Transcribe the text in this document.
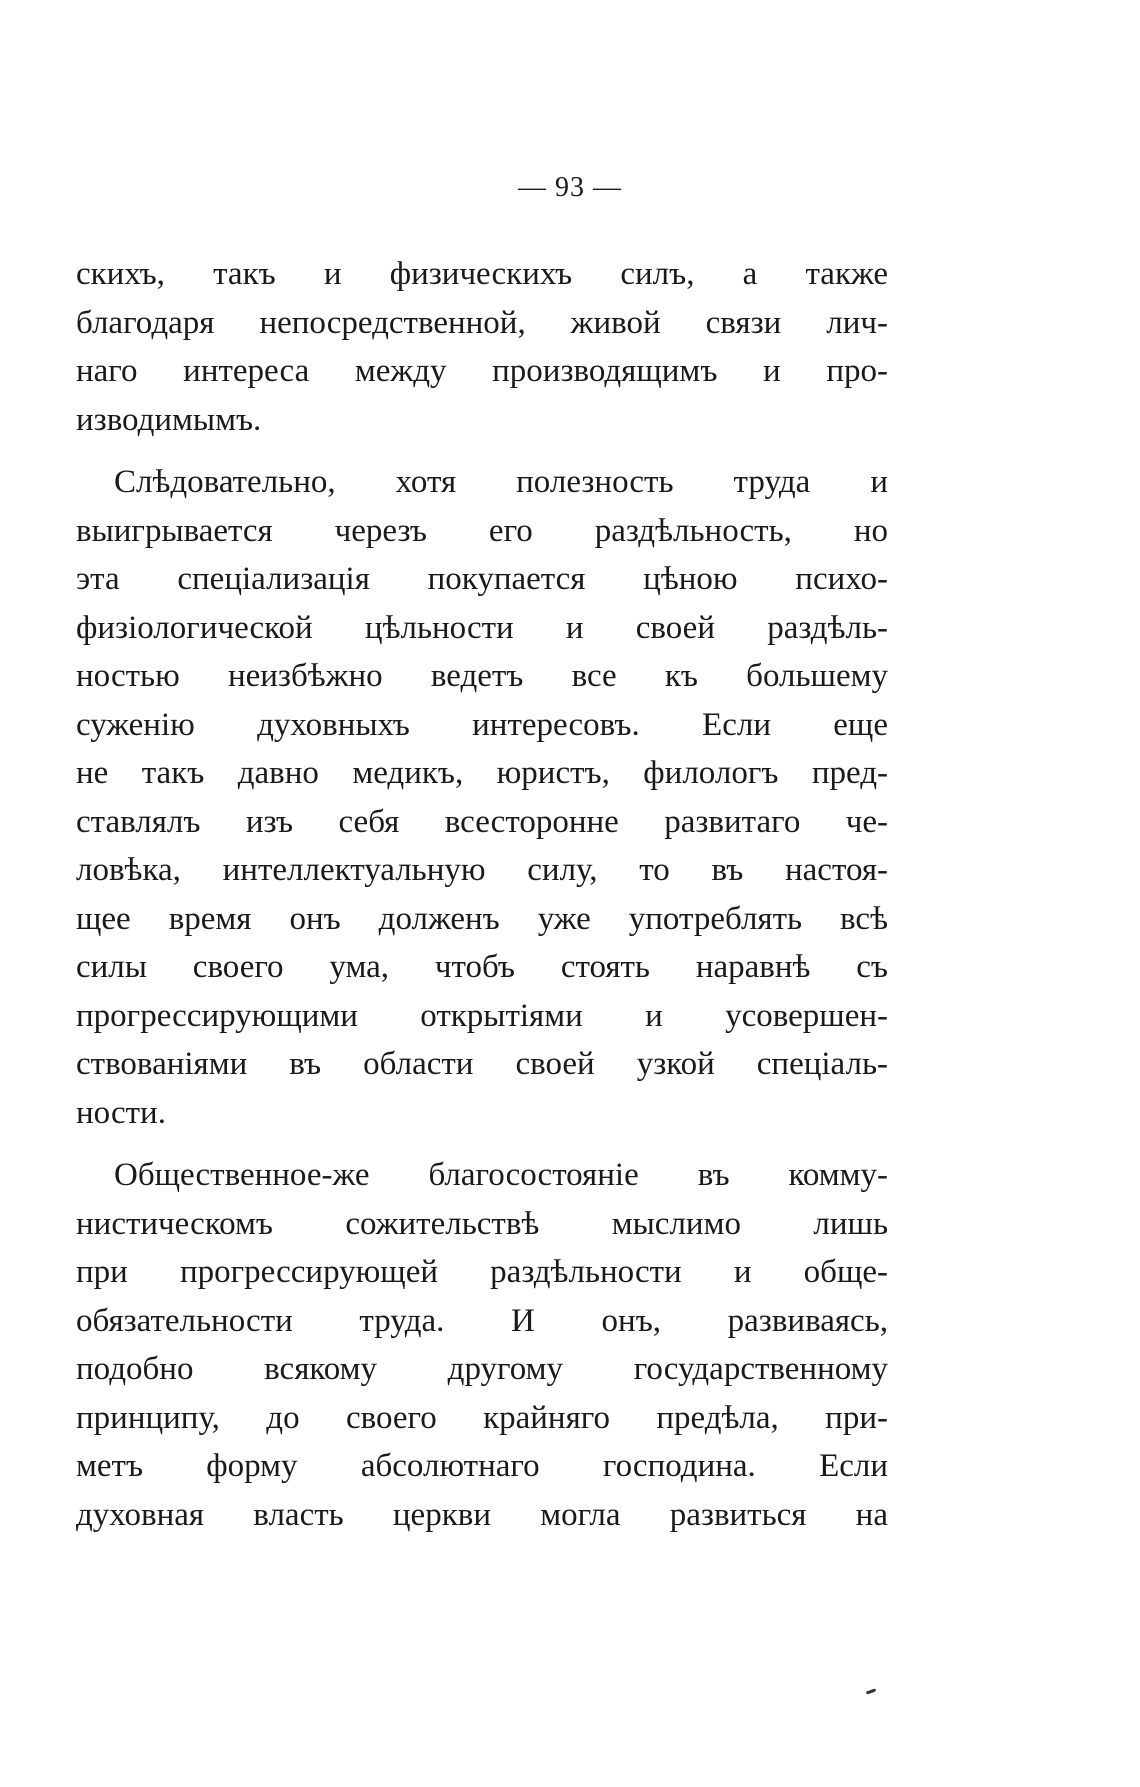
— 93 —
скихъ, такъ и физическихъ силъ, а также
благодаря непосредственной, живой связи лич-
наго интереса между производящимъ и про-
изводимымъ.
Слѣдовательно, хотя полезность труда и
выигрывается черезъ его раздѣльность, но
эта спеціализація покупается цѣною психо-
физіологической цѣльности и своей раздѣль-
ностью неизбѣжно ведетъ все къ большему
суженію духовныхъ интересовъ. Если еще
не такъ давно медикъ, юристъ, филологъ пред-
ставлялъ изъ себя всесторонне развитаго че-
ловѣка, интеллектуальную силу, то въ настоя-
щее время онъ долженъ уже употреблять всѣ
силы своего ума, чтобъ стоять наравнѣ съ
прогрессирующими открытіями и усовершен-
ствованіями въ области своей узкой спеціаль-
ности.
Общественное-же благосостояніе въ комму-
нистическомъ сожительствѣ мыслимо лишь
при прогрессирующей раздѣльности и обще-
обязательности труда. И онъ, развиваясь,
подобно всякому другому государственному
принципу, до своего крайняго предѣла, при-
метъ форму абсолютнаго господина. Если
духовная власть церкви могла развиться на
